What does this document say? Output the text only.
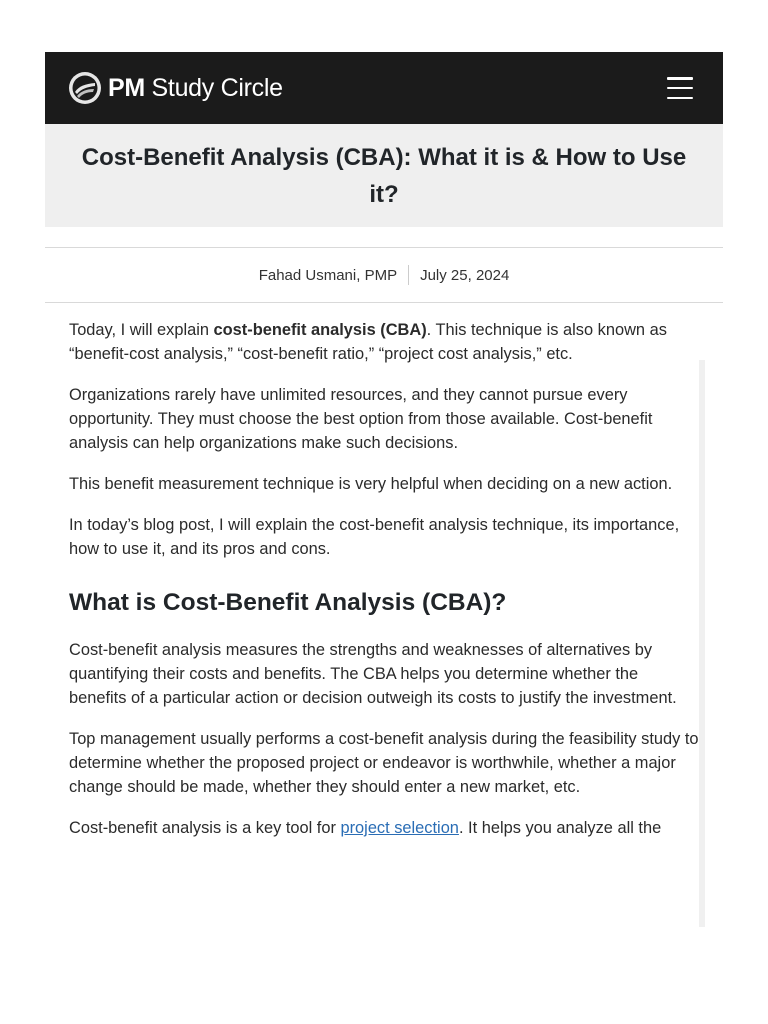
PM Study Circle
Cost-Benefit Analysis (CBA): What it is & How to Use it?
Fahad Usmani, PMP	July 25, 2024

Today, I will explain cost-benefit analysis (CBA). This technique is also known as “benefit-cost analysis,” “cost-benefit ratio,” “project cost analysis,” etc.

Organizations rarely have unlimited resources, and they cannot pursue every opportunity. They must choose the best option from those available. Cost-benefit analysis can help organizations make such decisions.

This benefit measurement technique is very helpful when deciding on a new action.

In today’s blog post, I will explain the cost-benefit analysis technique, its importance, how to use it, and its pros and cons.

What is Cost-Benefit Analysis (CBA)?

Cost-benefit analysis measures the strengths and weaknesses of alternatives by quantifying their costs and benefits. The CBA helps you determine whether the benefits of a particular action or decision outweigh its costs to justify the investment.

Top management usually performs a cost-benefit analysis during the feasibility study to determine whether the proposed project or endeavor is worthwhile, whether a major change should be made, whether they should enter a new market, etc.

Cost-benefit analysis is a key tool for project selection. It helps you analyze all the
